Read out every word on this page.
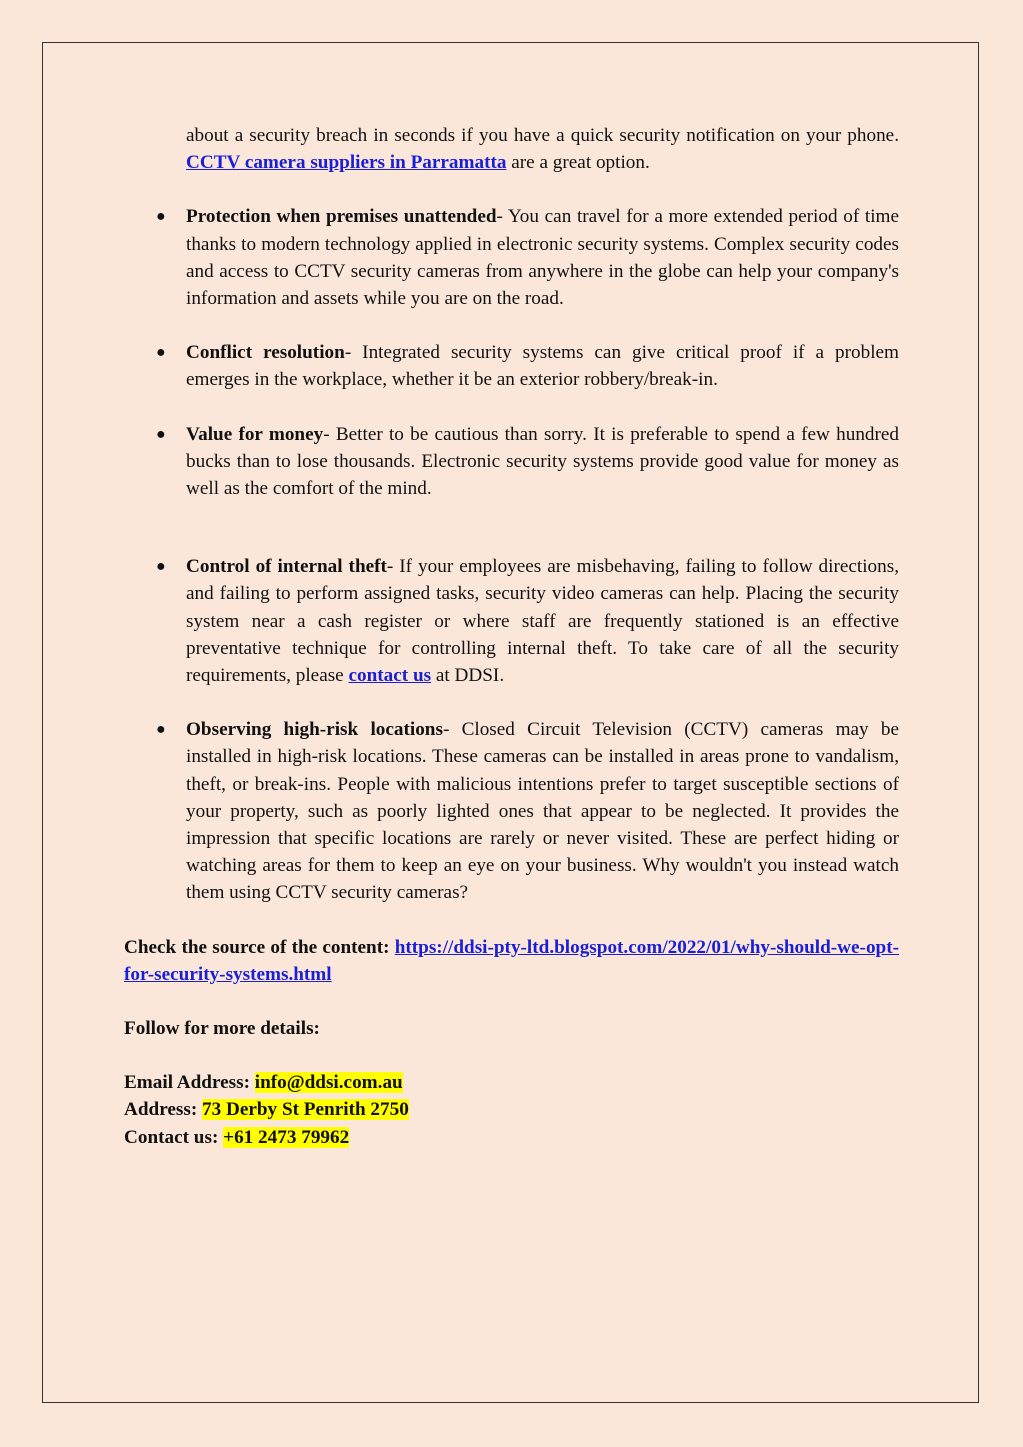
about a security breach in seconds if you have a quick security notification on your phone. CCTV camera suppliers in Parramatta are a great option.

● Protection when premises unattended- You can travel for a more extended period of time thanks to modern technology applied in electronic security systems. Complex security codes and access to CCTV security cameras from anywhere in the globe can help your company's information and assets while you are on the road.
● Conflict resolution- Integrated security systems can give critical proof if a problem emerges in the workplace, whether it be an exterior robbery/break-in.
● Value for money- Better to be cautious than sorry. It is preferable to spend a few hundred bucks than to lose thousands. Electronic security systems provide good value for money as well as the comfort of the mind.
● Control of internal theft- If your employees are misbehaving, failing to follow directions, and failing to perform assigned tasks, security video cameras can help. Placing the security system near a cash register or where staff are frequently stationed is an effective preventative technique for controlling internal theft. To take care of all the security requirements, please contact us at DDSI.
● Observing high-risk locations- Closed Circuit Television (CCTV) cameras may be installed in high-risk locations. These cameras can be installed in areas prone to vandalism, theft, or break-ins. People with malicious intentions prefer to target susceptible sections of your property, such as poorly lighted ones that appear to be neglected. It provides the impression that specific locations are rarely or never visited. These are perfect hiding or watching areas for them to keep an eye on your business. Why wouldn't you instead watch them using CCTV security cameras?

Check the source of the content: https://ddsi-pty-ltd.blogspot.com/2022/01/why-should-we-opt-for-security-systems.html

Follow for more details:

Email Address: info@ddsi.com.au

Address: 73 Derby St Penrith 2750

Contact us: +61 2473 79962
